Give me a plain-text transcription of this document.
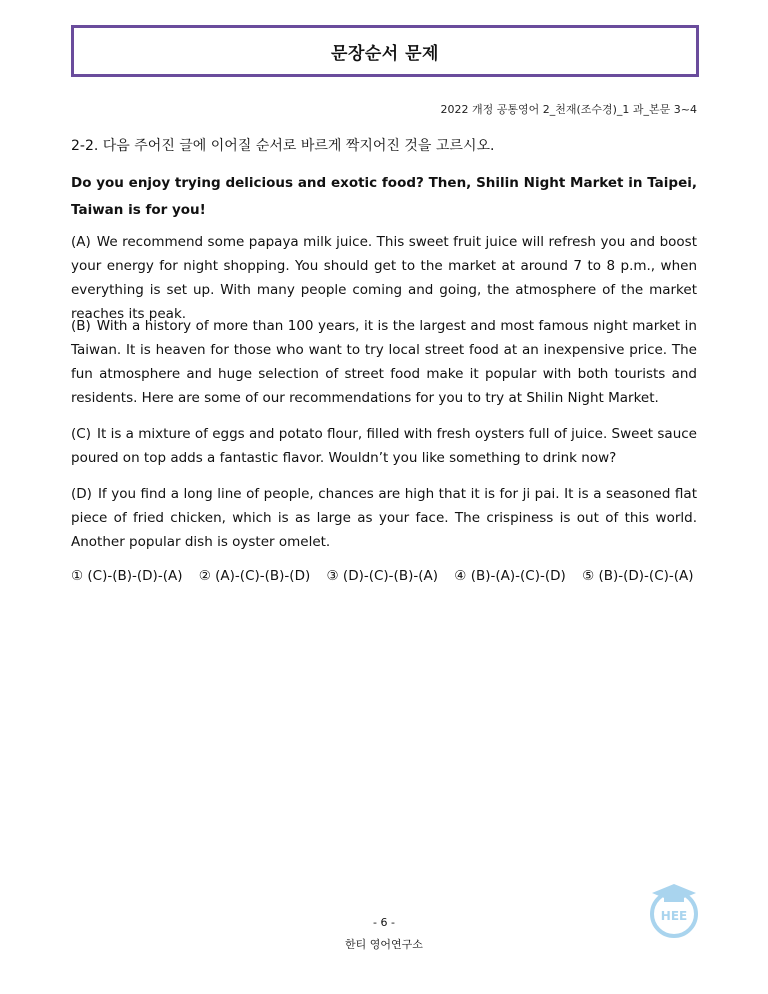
문장순서 문제
2022 개정 공통영어 2_천재(조수경)_1 과_본문 3~4
2-2. 다음 주어진 글에 이어질 순서로 바르게 짝지어진 것을 고르시오.
Do you enjoy trying delicious and exotic food? Then, Shilin Night Market in Taipei, Taiwan is for you!
(A) We recommend some papaya milk juice. This sweet fruit juice will refresh you and boost your energy for night shopping. You should get to the market at around 7 to 8 p.m., when everything is set up. With many people coming and going, the atmosphere of the market reaches its peak.
(B) With a history of more than 100 years, it is the largest and most famous night market in Taiwan. It is heaven for those who want to try local street food at an inexpensive price. The fun atmosphere and huge selection of street food make it popular with both tourists and residents. Here are some of our recommendations for you to try at Shilin Night Market.
(C) It is a mixture of eggs and potato flour, filled with fresh oysters full of juice. Sweet sauce poured on top adds a fantastic flavor. Wouldn’t you like something to drink now?
(D) If you find a long line of people, chances are high that it is for ji pai. It is a seasoned flat piece of fried chicken, which is as large as your face. The crispiness is out of this world. Another popular dish is oyster omelet.
① (C)-(B)-(D)-(A) ② (A)-(C)-(B)-(D) ③ (D)-(C)-(B)-(A) ④ (B)-(A)-(C)-(D) ⑤ (B)-(D)-(C)-(A)
HEE
- 6 -
한티 영어연구소
